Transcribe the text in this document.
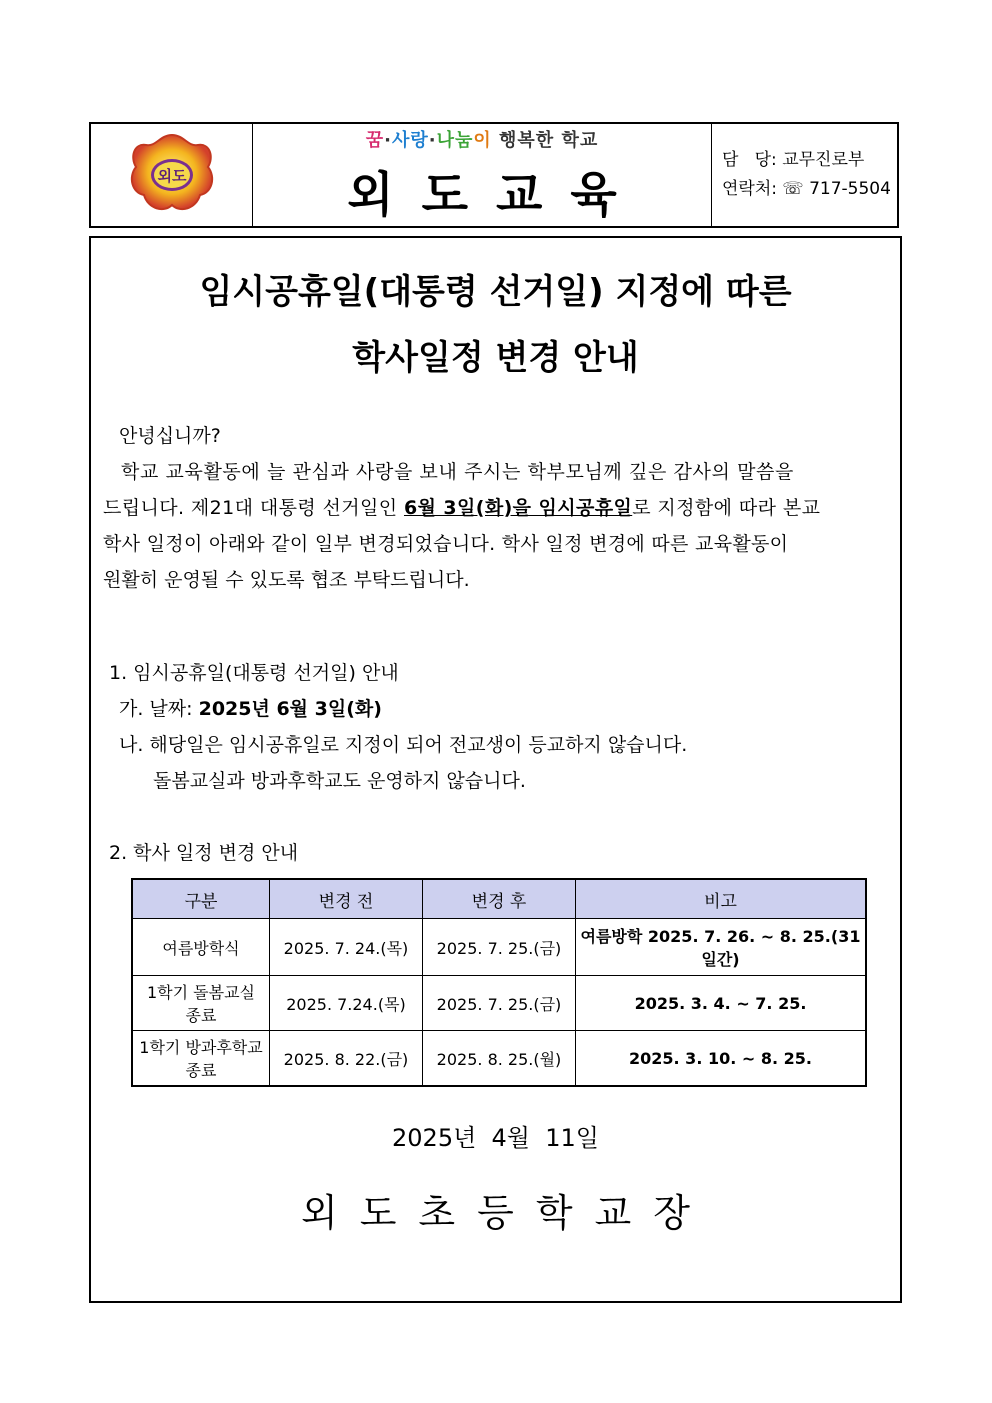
외도
꿈·사랑·나눔이 행복한 학교
외도교육
담   당: 교무진로부
연락처: ☏ 717-5504
임시공휴일(대통령 선거일) 지정에 따른
학사일정 변경 안내
안녕십니까?
학교 교육활동에 늘 관심과 사랑을 보내 주시는 학부모님께 깊은 감사의 말씀을
드립니다. 제21대 대통령 선거일인 6월 3일(화)을 임시공휴일로 지정함에 따라 본교
학사 일정이 아래와 같이 일부 변경되었습니다. 학사 일정 변경에 따른 교육활동이
원활히 운영될 수 있도록 협조 부탁드립니다.
1. 임시공휴일(대통령 선거일) 안내
가. 날짜: 2025년 6월 3일(화)
나. 해당일은 임시공휴일로 지정이 되어 전교생이 등교하지 않습니다.
돌봄교실과 방과후학교도 운영하지 않습니다.
2. 학사 일정 변경 안내
구분	변경 전	변경 후	비고
여름방학식	2025. 7. 24.(목)	2025. 7. 25.(금)	여름방학 2025. 7. 26. ~ 8. 25.(31일간)
1학기 돌봄교실 종료	2025. 7.24.(목)	2025. 7. 25.(금)	2025. 3. 4. ~ 7. 25.
1학기 방과후학교 종료	2025. 8. 22.(금)	2025. 8. 25.(월)	2025. 3. 10. ~ 8. 25.
2025년  4월  11일
외도초등학교장
